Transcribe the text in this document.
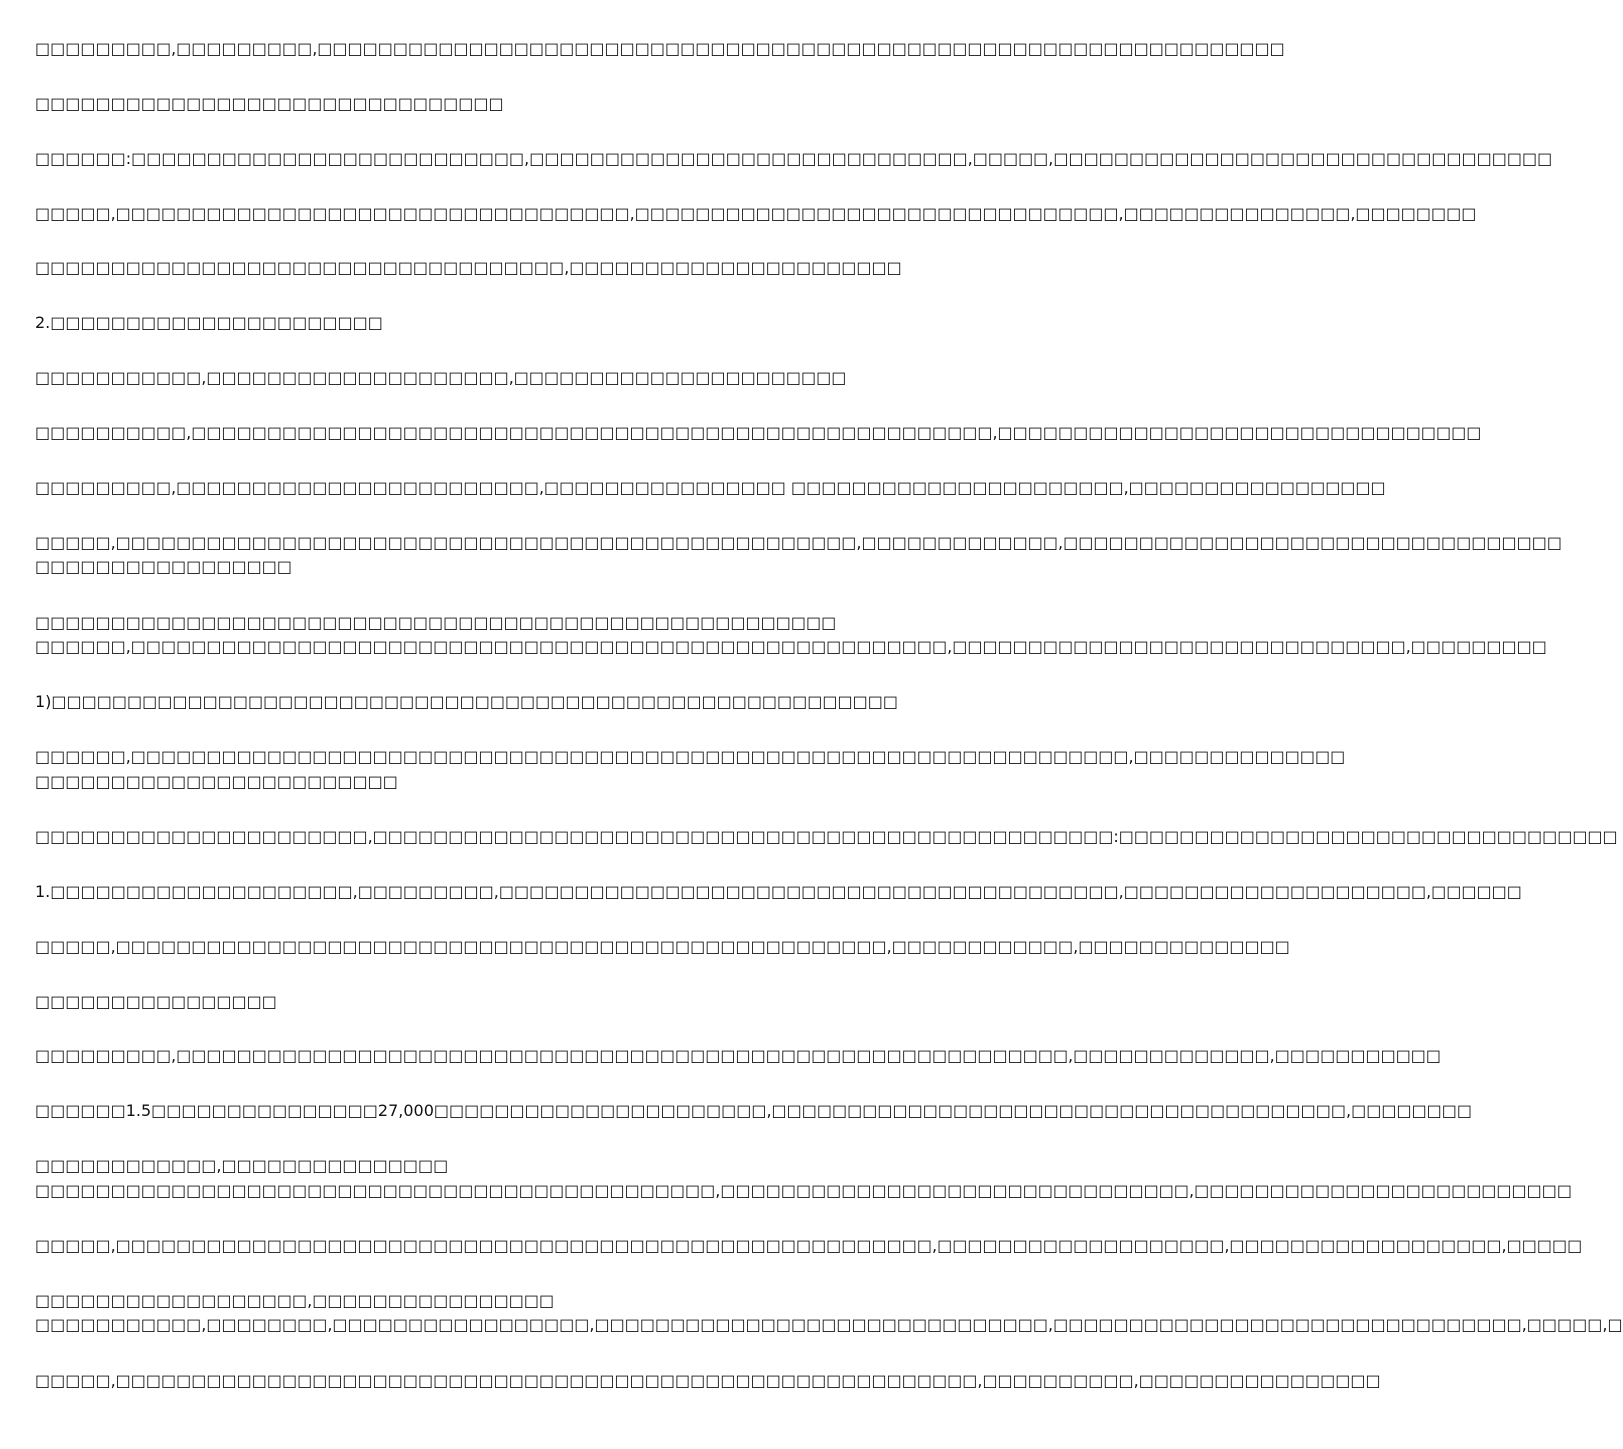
□□□□□□□□□,□□□□□□□□□,□□□□□□□□□□□□□□□□□□□□□□□□□□□□□□□□□□□□□□□□□□□□□□□□□□□□□□□□□□□□□□□□
□□□□□□□□□□□□□□□□□□□□□□□□□□□□□□□
□□□□□□:□□□□□□□□□□□□□□□□□□□□□□□□□□,□□□□□□□□□□□□□□□□□□□□□□□□□□□□□,□□□□□,□□□□□□□□□□□□□□□□□□□□□□□□□□□□□□□□□
□□□□□,□□□□□□□□□□□□□□□□□□□□□□□□□□□□□□□□□□,□□□□□□□□□□□□□□□□□□□□□□□□□□□□□□□□,□□□□□□□□□□□□□□□,□□□□□□□□
□□□□□□□□□□□□□□□□□□□□□□□□□□□□□□□□□□□,□□□□□□□□□□□□□□□□□□□□□□
2.□□□□□□□□□□□□□□□□□□□□□□
□□□□□□□□□□□,□□□□□□□□□□□□□□□□□□□□,□□□□□□□□□□□□□□□□□□□□□□
□□□□□□□□□□,□□□□□□□□□□□□□□□□□□□□□□□□□□□□□□□□□□□□□□□□□□□□□□□□□□□□□,□□□□□□□□□□□□□□□□□□□□□□□□□□□□□□□□
□□□□□□□□□,□□□□□□□□□□□□□□□□□□□□□□□□,□□□□□□□□□□□□□□□□ □□□□□□□□□□□□□□□□□□□□□□,□□□□□□□□□□□□□□□□□
□□□□□,□□□□□□□□□□□□□□□□□□□□□□□□□□□□□□□□□□□□□□□□□□□□□□□□□,□□□□□□□□□□□□□,□□□□□□□□□□□□□□□□□□□□□□□□□□□□□□□□□
□□□□□□□□□□□□□□□□□
□□□□□□□□□□□□□□□□□□□□□□□□□□□□□□□□□□□□□□□□□□□□□□□□□□□□□
□□□□□□,□□□□□□□□□□□□□□□□□□□□□□□□□□□□□□□□□□□□□□□□□□□□□□□□□□□□□□,□□□□□□□□□□□□□□□□□□□□□□□□□□□□□□,□□□□□□□□□
1)□□□□□□□□□□□□□□□□□□□□□□□□□□□□□□□□□□□□□□□□□□□□□□□□□□□□□□□□
□□□□□□,□□□□□□□□□□□□□□□□□□□□□□□□□□□□□□□□□□□□□□□□□□□□□□□□□□□□□□□□□□□□□□□□□□,□□□□□□□□□□□□□□
□□□□□□□□□□□□□□□□□□□□□□□□
□□□□□□□□□□□□□□□□□□□□□□,□□□□□□□□□□□□□□□□□□□□□□□□□□□□□□□□□□□□□□□□□□□□□□□□□:□□□□□□□□□□□□□□□□□□□□□□□□□□□□□□□□□
1.□□□□□□□□□□□□□□□□□□□□,□□□□□□□□□,□□□□□□□□□□□□□□□□□□□□□□□□□□□□□□□□□□□□□□□□□,□□□□□□□□□□□□□□□□□□□□,□□□□□□
□□□□□,□□□□□□□□□□□□□□□□□□□□□□□□□□□□□□□□□□□□□□□□□□□□□□□□□□□,□□□□□□□□□□□□,□□□□□□□□□□□□□□
□□□□□□□□□□□□□□□□
□□□□□□□□□,□□□□□□□□□□□□□□□□□□□□□□□□□□□□□□□□□□□□□□□□□□□□□□□□□□□□□□□□□□□,□□□□□□□□□□□□□,□□□□□□□□□□□
□□□□□□1.5□□□□□□□□□□□□□□□27,000□□□□□□□□□□□□□□□□□□□□□□,□□□□□□□□□□□□□□□□□□□□□□□□□□□□□□□□□□□□□□,□□□□□□□□
□□□□□□□□□□□□,□□□□□□□□□□□□□□□
□□□□□□□□□□□□□□□□□□□□□□□□□□□□□□□□□□□□□□□□□□□□□,□□□□□□□□□□□□□□□□□□□□□□□□□□□□□□□,□□□□□□□□□□□□□□□□□□□□□□□□□
□□□□□,□□□□□□□□□□□□□□□□□□□□□□□□□□□□□□□□□□□□□□□□□□□□□□□□□□□□□□,□□□□□□□□□□□□□□□□□□□,□□□□□□□□□□□□□□□□□□,□□□□□
□□□□□□□□□□□□□□□□□□,□□□□□□□□□□□□□□□□
□□□□□□□□□□□,□□□□□□□□,□□□□□□□□□□□□□□□□□,□□□□□□□□□□□□□□□□□□□□□□□□□□□□□□,□□□□□□□□□□□□□□□□□□□□□□□□□□□□□□□,□□□□□,□
□□□□□,□□□□□□□□□□□□□□□□□□□□□□□□□□□□□□□□□□□□□□□□□□□□□□□□□□□□□□□□□,□□□□□□□□□□,□□□□□□□□□□□□□□□□
